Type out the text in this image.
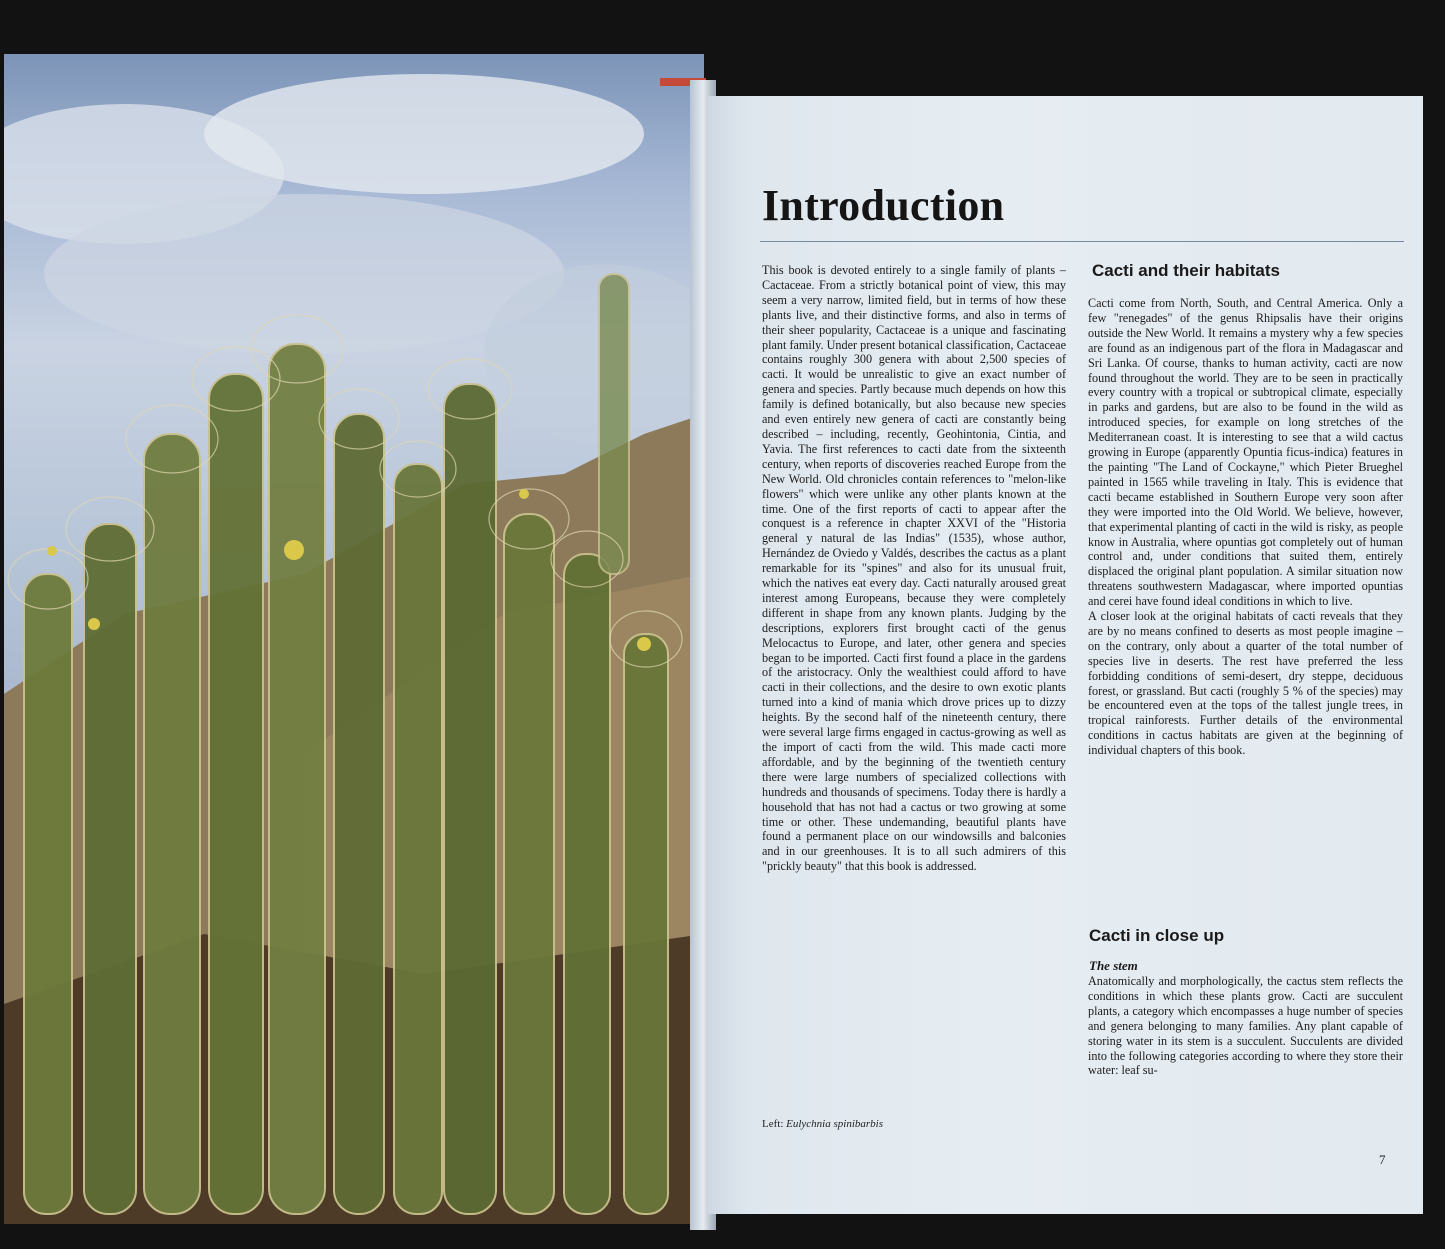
Introduction

This book is devoted entirely to a single family of plants –Cactaceae. From a strictly botanical point of view, this may seem a very narrow, limited field, but in terms of how these plants live, and their distinctive forms, and also in terms of their sheer popularity, Cactaceae is a unique and fascinating plant family. Under present botanical classification, Cactaceae contains roughly 300 genera with about 2,500 species of cacti. It would be unrealistic to give an exact number of genera and species. Partly because much depends on how this family is defined botanically, but also because new species and even entirely new genera of cacti are constantly being described – including, recently, Geohintonia, Cintia, and Yavia. The first references to cacti date from the sixteenth century, when reports of discoveries reached Europe from the New World. Old chronicles contain references to "melon-like flowers" which were unlike any other plants known at the time. One of the first reports of cacti to appear after the conquest is a reference in chapter XXVI of the "Historia general y natural de las Indias" (1535), whose author, Hernández de Oviedo y Valdés, describes the cactus as a plant remarkable for its "spines" and also for its unusual fruit, which the natives eat every day. Cacti naturally aroused great interest among Europeans, because they were completely different in shape from any known plants. Judging by the descriptions, explorers first brought cacti of the genus Melocactus to Europe, and later, other genera and species began to be imported. Cacti first found a place in the gardens of the aristocracy. Only the wealthiest could afford to have cacti in their collections, and the desire to own exotic plants turned into a kind of mania which drove prices up to dizzy heights. By the second half of the nineteenth century, there were several large firms engaged in cactus-growing as well as the import of cacti from the wild. This made cacti more affordable, and by the beginning of the twentieth century there were large numbers of specialized collections with hundreds and thousands of specimens. Today there is hardly a household that has not had a cactus or two growing at some time or other. These undemanding, beautiful plants have found a permanent place on our windowsills and balconies and in our greenhouses. It is to all such admirers of this "prickly beauty" that this book is addressed.

Cacti and their habitats

Cacti come from North, South, and Central America. Only a few "renegades" of the genus Rhipsalis have their origins outside the New World. It remains a mystery why a few species are found as an indigenous part of the flora in Madagascar and Sri Lanka. Of course, thanks to human activity, cacti are now found throughout the world. They are to be seen in practically every country with a tropical or subtropical climate, especially in parks and gardens, but are also to be found in the wild as introduced species, for example on long stretches of the Mediterranean coast. It is interesting to see that a wild cactus growing in Europe (apparently Opuntia ficus-indica) features in the painting "The Land of Cockayne," which Pieter Brueghel painted in 1565 while traveling in Italy. This is evidence that cacti became established in Southern Europe very soon after they were imported into the Old World. We believe, however, that experimental planting of cacti in the wild is risky, as people know in Australia, where opuntias got completely out of human control and, under conditions that suited them, entirely displaced the original plant population. A similar situation now threatens southwestern Madagascar, where imported opuntias and cerei have found ideal conditions in which to live.

A closer look at the original habitats of cacti reveals that they are by no means confined to deserts as most people imagine – on the contrary, only about a quarter of the total number of species live in deserts. The rest have preferred the less forbidding conditions of semi-desert, dry steppe, deciduous forest, or grassland. But cacti (roughly 5 % of the species) may be encountered even at the tops of the tallest jungle trees, in tropical rainforests. Further details of the environmental conditions in cactus habitats are given at the beginning of individual chapters of this book.

Cacti in close up
The stem

Anatomically and morphologically, the cactus stem reflects the conditions in which these plants grow. Cacti are succulent plants, a category which encompasses a huge number of species and genera belonging to many families. Any plant capable of storing water in its stem is a succulent. Succulents are divided into the following categories according to where they store their water: leaf su-

Left: Eulychnia spinibarbis
7
